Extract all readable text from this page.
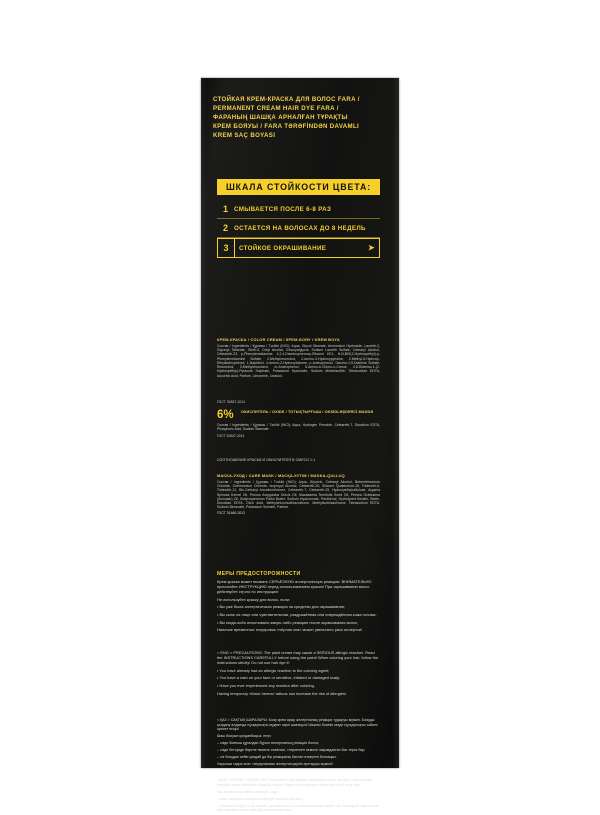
СТОЙКАЯ КРЕМ-КРАСКА ДЛЯ ВОЛОС FARA /
PERMANENT CREAM HAIR DYE FARA /
ФАРАНЫҢ ШАШҚА АРНАЛҒАН ТҰРАҚТЫ
КРЕМ БОЯУЫ / FARA TƏRƏFİNDƏN DAVAMLI
KREM SAÇ BOYASI
ШКАЛА СТОЙКОСТИ ЦВЕТА:
1 СМЫВАЕТСЯ ПОСЛЕ 6-8 РАЗ
2 ОСТАЕТСЯ НА ВОЛОСАХ ДО 8 НЕДЕЛЬ
3	СТОЙКОЕ ОКРАШИВАНИЕ	➤
КРЕМ-КРАСКА / COLOR CREAM / КРЕМ-БОЯУ / KREM BOYA
Состав / Ingredients / Құрамы / Tərkibi (INCI): Aqua, Glycol Stearate, Ammonium Hydroxide, Laureth-2, Glyceryl Stearate, Oleth-5, Cetyl Alcohol, Ethoxydiglycol, Sodium Laureth Sulfate, Cetearyl Alcohol, Ceteareth-23, p-Phenylenediamine, 4,2,4-Diaminophenoxy-Ethanol HCL, N,N-BIS(2-Hydroxyethyl)-p-Phenylenediamine Sulfate, 2-Methylresorcinol, 2-Amino-3-Hydroxypyridine, 2-Methyl-5-Hydroxy-Ethylaminophenol, 1-Naphthol, 4-Amino-2-Hydroxytoluene, p-Aminophenol, Toluene-2,5-Diamine Sulfate, Resorcinol, 3-Methylresorcinol, m-Aminophenol, 5-Amino-6-Chloro-o-Cresol, 4,5-Diamino-1-(2-Hydroxyethyl)-Pyrazole Sulphate, Potassium Hydroxide, Sodium Metabisulfite, Tetrasodium EDTA, Ascorbic Acid, Parfum, Limonene, Linalool.
ГОСТ 32837-2014
6%	ОКИСЛИТЕЛЬ / OXIDE / ТОТЫҚТЫРҒЫШ / OKSİDLƏŞDİRİCİ MADDƏ
Состав / Ingredients / Құрамы / Tərkibi (INCI): Aqua, Hydrogen Peroxide, Ceteareth-7, Disodium EDTA, Phosphoric Acid, Sodium Stannate.
ГОСТ 32837-2014
СООТНОШЕНИЕ КРАСКИ И ОКИСЛИТЕЛЯ В СМЕСИ 1:1
МАСКА-УХОД / CARE MASK / МАСҚА-КҮТІМ / MASKA-QULLUQ
Состав / Ingredients / Құрамы / Tərkibi (INCI): Aqua, Glycerin, Cetearyl Alcohol, Behentrimonium Chloride, Cetrimonium Chloride, Isopropyl Alcohol, Ceteareth-20, Silicone Quaternium-18, Trideceth-6, Trideceth-12, Bis-Cetearyl Amodimethicone, Ceteareth-7, Ceteareth-25, Hydroxyethylcellulose, Argania Spinosa Kernel Oil, Prunus Amygdalus Dulcis Oil, Macadamia Ternifolia Seed Oil, Persea Gratissima (Avocado) Oil, Butyrospermum Parkii Butter, Sodium Hyaluronate, Panthenol, Hydrolyzed Keratin, Biotin, Disodium EDTA, Citric Acid, Methylchloroisothiazolinone, Methylisothiazolinone, Tetrasodium EDTA, Sodium Benzoate, Potassium Sorbate, Parfum.
ГОСТ 31460-2012
МЕРЫ ПРЕДОСТОРОЖНОСТИ

Крем-краска может вызвать СЕРЬЁЗНУЮ аллергическую реакцию. ВНИМАТЕЛЬНО прочитайте ИНСТРУКЦИЮ перед использованием краски! При окрашивании волос действуйте строго по инструкции!

Не используйте краску для волос, если:

• Вы уже была аллергическая реакция на средство для окрашивания;

• Вы сыпь на лице или чувствительная, раздражённая или повреждённая кожа головы;

• Вы когда-либо испытывали какую-либо реакцию после окрашивания волос;

Наличие временных татуировок «чёрная хна» может увеличить риск аллергии!

< ENG > PRECAUTIONS: The paint cream may cause a SERIOUS allergic reaction. Read the INSTRUCTIONS CAREFULLY before using the paint! When coloring your hair, follow the instructions strictly! Do not use hair dye if:

• You have already had an allergic reaction to the coloring agent;

• You have a rash on your face or sensitive, irritated or damaged scalp;

• Have you ever experienced any reaction after coloring.

Having temporary «black henna» tattoos can increase the risk of allergies!

< ҚАЗ > САҚТЫҚ ШАРАЛАРЫ: Бояу крем ауыр аллергиялық реакция тудыруы мүмкін. Бояуды қолдану алдында нұсқаулықты мұқият оқып шығыңыз! Шашты бояған кезде нұсқаулықты сәйкес әрекет етіңіз!

Шаш бояуын қолданбаңыз, егер:

– сізде бояғыш құралдан бұрын аллергиялық реакция болса;

– сізде бетіңізде бөртпе немесе сезімтал, тітіркенген немесе зақымданған бас терісі бар;

– сіз бояудан кейін қандай да бір реакцияны бастан өткерген болсаңыз.

Уақытша «қара хна» татуировкасы аллергия қаупін арттыруы мүмкін!

<AZƏ> EHTİYAT TƏDBİRLƏRİ: boya kremi ciddi allergik reaksiyaya səbəb ola bilər. Boya istifadə etmədən əvvəl təlimatları diqqətlə oxuyun! Saçınızı boyayarkən təlimatlara ciddi əməl edin!

Saç boyasından istifadə etməyin, əgər:

– artıq rəngləmə maddəsinə allergik reaksiya verdiniz;

– üzünüzdə səpgi və ya həssas, qıcıqlanmış və ya zədələnmiş baş dəriniz var. Müvəqqəti «qara xına» döymələrinin olması allergiya riskini artıra bilər!
